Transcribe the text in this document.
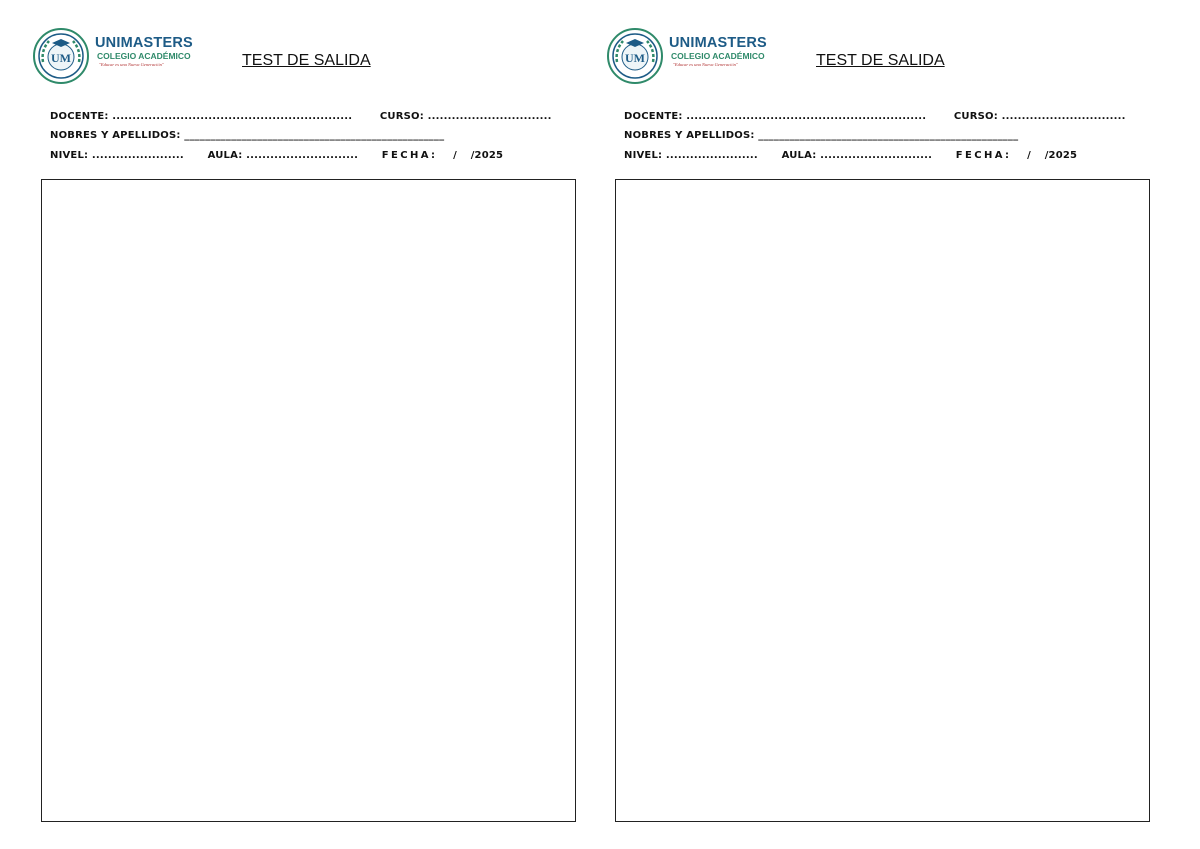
UM
UNIMASTERS
COLEGIO ACADÉMICO
"Educar es una Nueva Generación"	TEST DE SALIDA
DOCENTE: ............................................................	CURSO: ...............................
NOBRES Y APELLIDOS: __________________________________________________
NIVEL: ....................... AULA: ............................ FECHA: / /2025
UM
UNIMASTERS
COLEGIO ACADÉMICO
"Educar es una Nueva Generación"	TEST DE SALIDA
DOCENTE: ............................................................	CURSO: ...............................
NOBRES Y APELLIDOS: __________________________________________________
NIVEL: ....................... AULA: ............................ FECHA: / /2025
